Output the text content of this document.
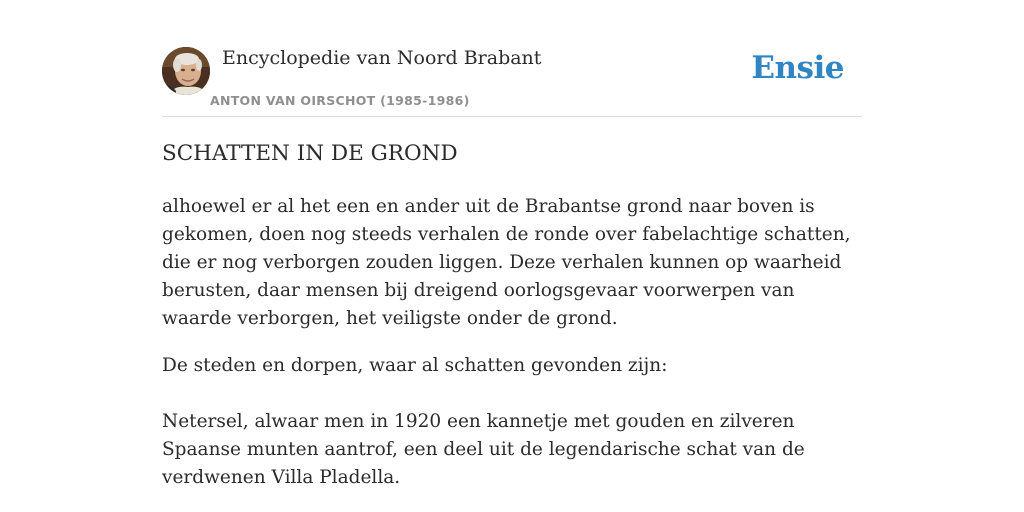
Encyclopedie van Noord Brabant
ANTON VAN OIRSCHOT (1985-1986)
Ensie
SCHATTEN IN DE GROND

alhoewel er al het een en ander uit de Brabantse grond naar boven is gekomen, doen nog steeds verhalen de ronde over fabelachtige schatten, die er nog verborgen zouden liggen. Deze verhalen kunnen op waarheid berusten, daar mensen bij dreigend oorlogsgevaar voorwerpen van waarde verborgen, het veiligste onder de grond.

De steden en dorpen, waar al schatten gevonden zijn:

Netersel, alwaar men in 1920 een kannetje met gouden en zilveren Spaanse munten aantrof, een deel uit de legendarische schat van de verdwenen Villa Pladella.
